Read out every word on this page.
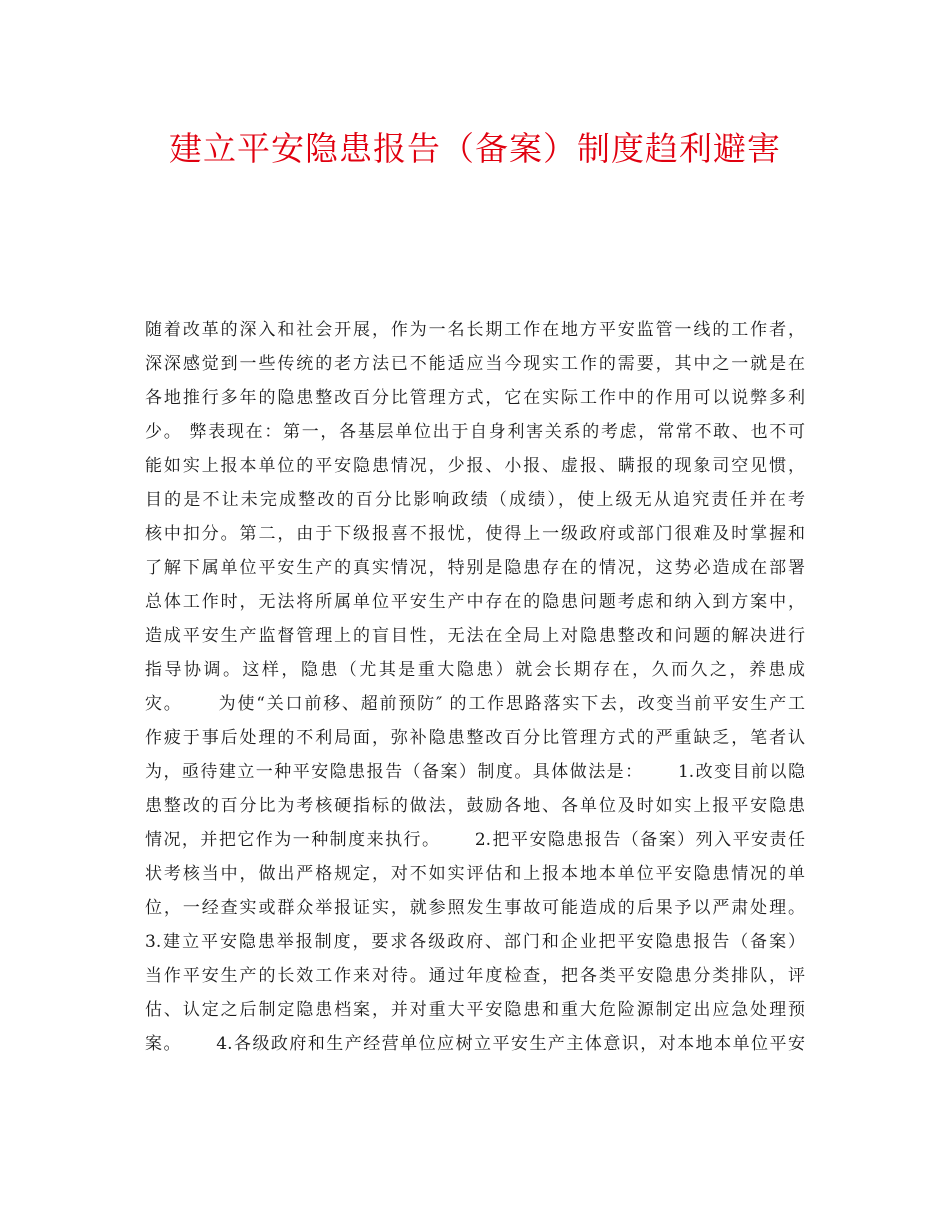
建立平安隐患报告（备案）制度趋利避害
随着改革的深入和社会开展，作为一名长期工作在地方平安监管一线的工作者，
深深感觉到一些传统的老方法已不能适应当今现实工作的需要，其中之一就是在
各地推行多年的隐患整改百分比管理方式，它在实际工作中的作用可以说弊多利
少。 弊表现在：第一，各基层单位出于自身利害关系的考虑，常常不敢、也不可
能如实上报本单位的平安隐患情况，少报、小报、虚报、瞒报的现象司空见惯，
目的是不让未完成整改的百分比影响政绩（成绩），使上级无从追究责任并在考
核中扣分。第二，由于下级报喜不报忧，使得上一级政府或部门很难及时掌握和
了解下属单位平安生产的真实情况，特别是隐患存在的情况，这势必造成在部署
总体工作时，无法将所属单位平安生产中存在的隐患问题考虑和纳入到方案中，
造成平安生产监督管理上的盲目性，无法在全局上对隐患整改和问题的解决进行
指导协调。这样，隐患（尤其是重大隐患）就会长期存在，久而久之，养患成
灾。     为使“关口前移、超前预防″ 的工作思路落实下去，改变当前平安生产工
作疲于事后处理的不利局面，弥补隐患整改百分比管理方式的严重缺乏，笔者认
为，亟待建立一种平安隐患报告（备案）制度。具体做法是：     1.改变目前以隐
患整改的百分比为考核硬指标的做法，鼓励各地、各单位及时如实上报平安隐患
情况，并把它作为一种制度来执行。     2.把平安隐患报告（备案）列入平安责任
状考核当中，做出严格规定，对不如实评估和上报本地本单位平安隐患情况的单
位，一经查实或群众举报证实，就参照发生事故可能造成的后果予以严肃处理。
3.建立平安隐患举报制度，要求各级政府、部门和企业把平安隐患报告（备案）
当作平安生产的长效工作来对待。通过年度检查，把各类平安隐患分类排队，评
估、认定之后制定隐患档案，并对重大平安隐患和重大危险源制定出应急处理预
案。     4.各级政府和生产经营单位应树立平安生产主体意识，对本地本单位平安
